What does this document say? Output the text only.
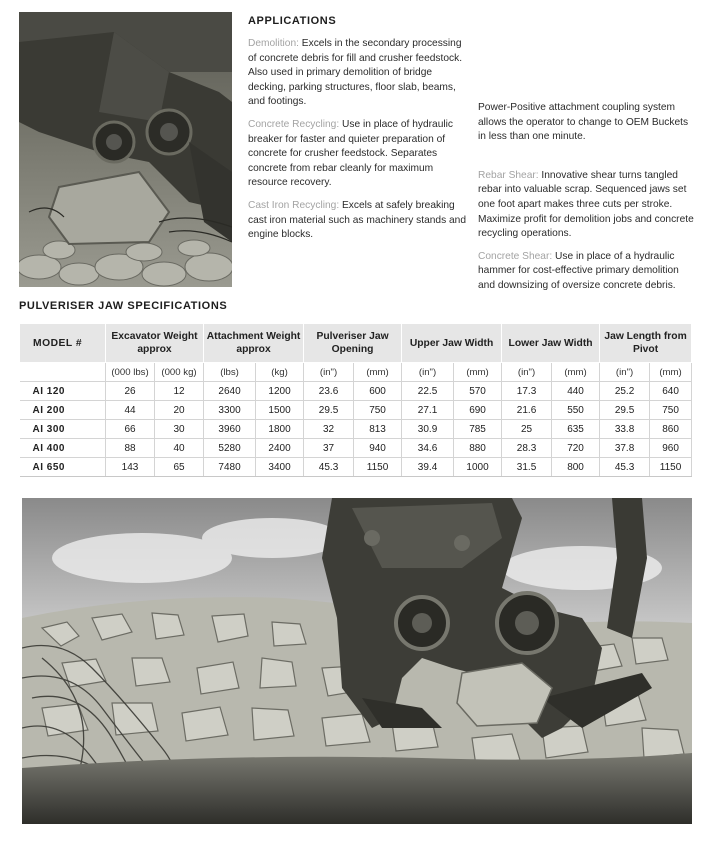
APPLICATIONS

Demolition: Excels in the secondary processing of concrete debris for fill and crusher feedstock. Also used in primary demolition of bridge decking, parking structures, floor slab, beams, and footings.

Concrete Recycling: Use in place of hydraulic breaker for faster and quieter preparation of concrete for crusher feedstock. Separates concrete from rebar cleanly for maximum resource recovery.

Cast Iron Recycling: Excels at safely breaking cast iron material such as machinery stands and engine blocks.

Power-Positive attachment coupling system allows the operator to change to OEM Buckets in less than one minute.

Rebar Shear: Innovative shear turns tangled rebar into valuable scrap. Sequenced jaws set one foot apart makes three cuts per stroke. Maximize profit for demolition jobs and concrete recycling operations.

Concrete Shear: Use in place of a hydraulic hammer for cost-effective primary demolition and downsizing of oversize concrete debris.

PULVERISER JAW SPECIFICATIONS
MODEL #	Excavator Weight approx		Attachment Weight approx		Pulveriser Jaw Opening		Upper Jaw Width		Lower Jaw Width		Jaw Length from Pivot	
	(000 lbs)	(000 kg)	(lbs)	(kg)	(in")	(mm)	(in")	(mm)	(in")	(mm)	(in")	(mm)
AI 120	26	12	2640	1200	23.6	600	22.5	570	17.3	440	25.2	640
AI 200	44	20	3300	1500	29.5	750	27.1	690	21.6	550	29.5	750
AI 300	66	30	3960	1800	32	813	30.9	785	25	635	33.8	860
AI 400	88	40	5280	2400	37	940	34.6	880	28.3	720	37.8	960
AI 650	143	65	7480	3400	45.3	1150	39.4	1000	31.5	800	45.3	1150
